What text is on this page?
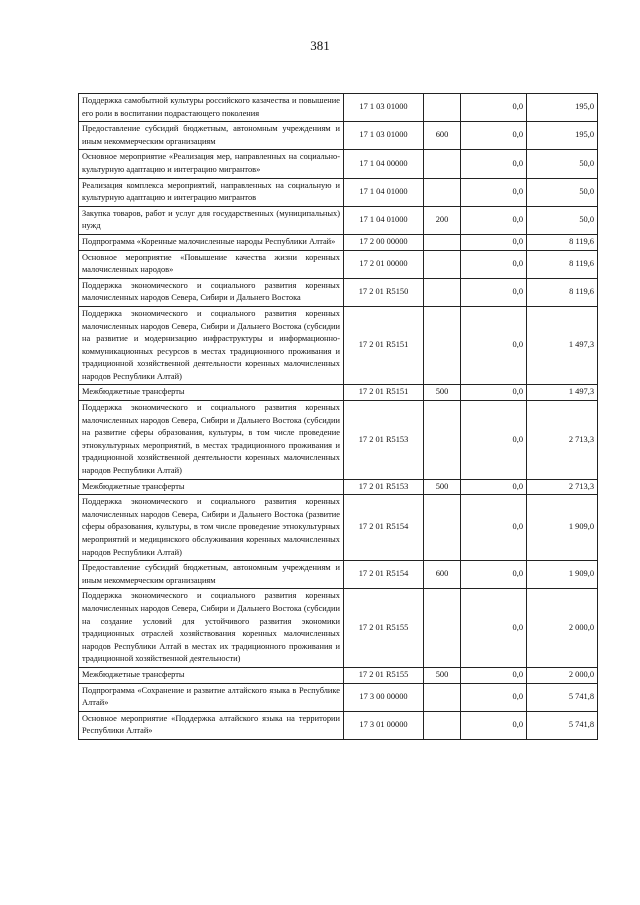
381
Поддержка самобытной культуры российского казачества и повышение его роли в воспитании подрастающего поколения	17 1 03 01000		0,0	195,0
Предоставление субсидий бюджетным, автономным учреждениям и иным некоммерческим организациям	17 1 03 01000	600	0,0	195,0
Основное мероприятие «Реализация мер, направленных на социально-культурную адаптацию и интеграцию мигрантов»	17 1 04 00000		0,0	50,0
Реализация комплекса мероприятий, направленных на социальную и культурную адаптацию и интеграцию мигрантов	17 1 04 01000		0,0	50,0
Закупка товаров, работ и услуг для государственных (муниципальных) нужд	17 1 04 01000	200	0,0	50,0
Подпрограмма «Коренные малочисленные народы Республики Алтай»	17 2 00 00000		0,0	8 119,6
Основное мероприятие «Повышение качества жизни коренных малочисленных народов»	17 2 01 00000		0,0	8 119,6
Поддержка экономического и социального развития коренных малочисленных народов Севера, Сибири и Дальнего Востока	17 2 01 R5150		0,0	8 119,6
Поддержка экономического и социального развития коренных малочисленных народов Севера, Сибири и Дальнего Востока (субсидии на развитие и модернизацию инфраструктуры и информационно-коммуникационных ресурсов в местах традиционного проживания и традиционной хозяйственной деятельности коренных малочисленных народов Республики Алтай)	17 2 01 R5151		0,0	1 497,3
Межбюджетные трансферты	17 2 01 R5151	500	0,0	1 497,3
Поддержка экономического и социального развития коренных малочисленных народов Севера, Сибири и Дальнего Востока (субсидии на развитие сферы образования, культуры, в том числе проведение этнокультурных мероприятий, в местах традиционного проживания и традиционной хозяйственной деятельности коренных малочисленных народов Республики Алтай)	17 2 01 R5153		0,0	2 713,3
Межбюджетные трансферты	17 2 01 R5153	500	0,0	2 713,3
Поддержка экономического и социального развития коренных малочисленных народов Севера, Сибири и Дальнего Востока (развитие сферы образования, культуры, в том числе проведение этнокультурных мероприятий и медицинского обслуживания коренных малочисленных народов Республики Алтай)	17 2 01 R5154		0,0	1 909,0
Предоставление субсидий бюджетным, автономным учреждениям и иным некоммерческим организациям	17 2 01 R5154	600	0,0	1 909,0
Поддержка экономического и социального развития коренных малочисленных народов Севера, Сибири и Дальнего Востока (субсидии на создание условий для устойчивого развития экономики традиционных отраслей хозяйствования коренных малочисленных народов Республики Алтай в местах их традиционного проживания и традиционной хозяйственной деятельности)	17 2 01 R5155		0,0	2 000,0
Межбюджетные трансферты	17 2 01 R5155	500	0,0	2 000,0
Подпрограмма «Сохранение и развитие алтайского языка в Республике Алтай»	17 3 00 00000		0,0	5 741,8
Основное мероприятие «Поддержка алтайского языка на территории Республики Алтай»	17 3 01 00000		0,0	5 741,8
